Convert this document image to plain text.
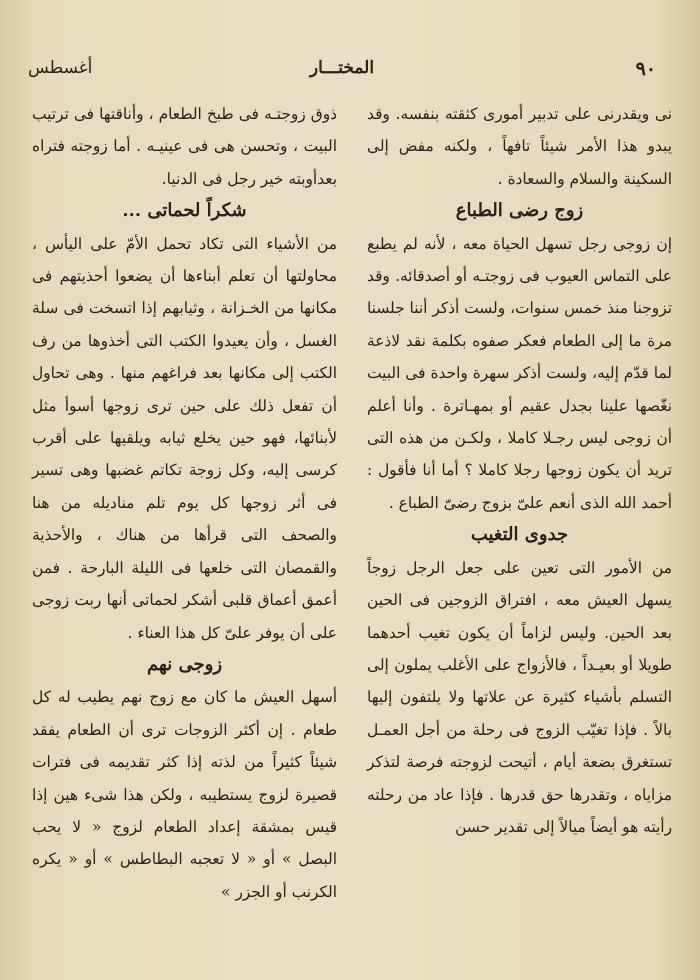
٩٠
المختـــار
أغسطس

نى ويقدرنى على تدبير أمورى كثقته بنفسه. وقد يبدو هذا الأمر شيئاً تافهاً ، ولكنه مفض إلى السكينة والسلام والسعادة .

زوج رضى الطباع

إن زوجى رجل تسهل الحياة معه ، لأنه لم يطبع على التماس العيوب فى زوجتـه أو أصدقائه. وقد تزوجنا منذ خمس سنوات، ولست أذكر أننا جلسنا مرة ما إلى الطعام فعكر صفوه بكلمة نقد لاذعة لما قدّم إليه، ولست أذكر سهرة واحدة فى البيت نغّصها علينا بجدل عقيم أو بمهـاترة . وأنا أعلم أن زوجى ليس رجـلا كاملا ، ولكـن من هذه التى تريد أن يكون زوجها رجلا كاملا ؟ أما أنا فأقول : أحمد الله الذى أنعم علىّ بزوج رضىّ الطباع .

جدوى التغيب

من الأمور التى تعين على جعل الرجل زوجاً يسهل العيش معه ، افتراق الزوجين فى الحين بعد الحين. وليس لزاماً أن يكون تغيب أحدهما طويلا أو بعيـداً ، فالأزواج على الأغلب يملون إلى التسلم بأشياء كثيرة عن علاتها ولا يلتفون إليها بالاً . فإذا تغيّب الزوج فى رحلة من أجل العمـل تستغرق بضعة أيام ، أتيحت لزوجته فرصة لتذكر مزاياه ، وتقدرها حق قدرها . فإذا عاد من رحلته رأيته هو أيضاً ميالاً إلى تقدير حسن

ذوق زوجتـه فى طبخ الطعام ، وأناقتها فى ترتيب البيت ، وتحسن هى فى عينيـه . أما زوجته فتراه بعدأوبته خير رجل فى الدنيا.

شكراً لحماتى ...

من الأشياء التى تكاد تحمل الأمّ على اليأس ، محاولتها أن تعلم أبناءها أن يضعوا أحذيتهم فى مكانها من الخـزانة ، وثيابهم إذا اتسخت فى سلة الغسل ، وأن يعيدوا الكتب التى أخذوها من رف الكتب إلى مكانها بعد فراغهم منها . وهى تحاول أن تفعل ذلك على حين ترى زوجها أسوأ مثل لأبنائها، فهو حين يخلع ثيابه ويلقيها على أقرب كرسى إليه، وكل زوجة تكاتم غضبها وهى تسير فى أثر زوجها كل يوم تلم مناديله من هنا والصحف التى قرأها من هناك ، والأحذية والقمصان التى خلعها فى الليلة البارحة . فمن أعمق أعماق قلبى أشكر لحماتى أنها ربت زوجى على أن يوفر علىّ كل هذا العناء .

زوجى نهم

أسهل العيش ما كان مع زوج نهم يطيب له كل طعام . إن أكثر الزوجات ترى أن الطعام يفقد شيئاً كثيراً من لذته إذا كثر تقديمه فى فترات قصيرة لزوج يستطيبه ، ولكن هذا شىء هين إذا قيس بمشقة إعداد الطعام لزوج « لا يحب البصل » أو « لا تعجبه البطاطس » أو « يكره الكرنب أو الجزر »
